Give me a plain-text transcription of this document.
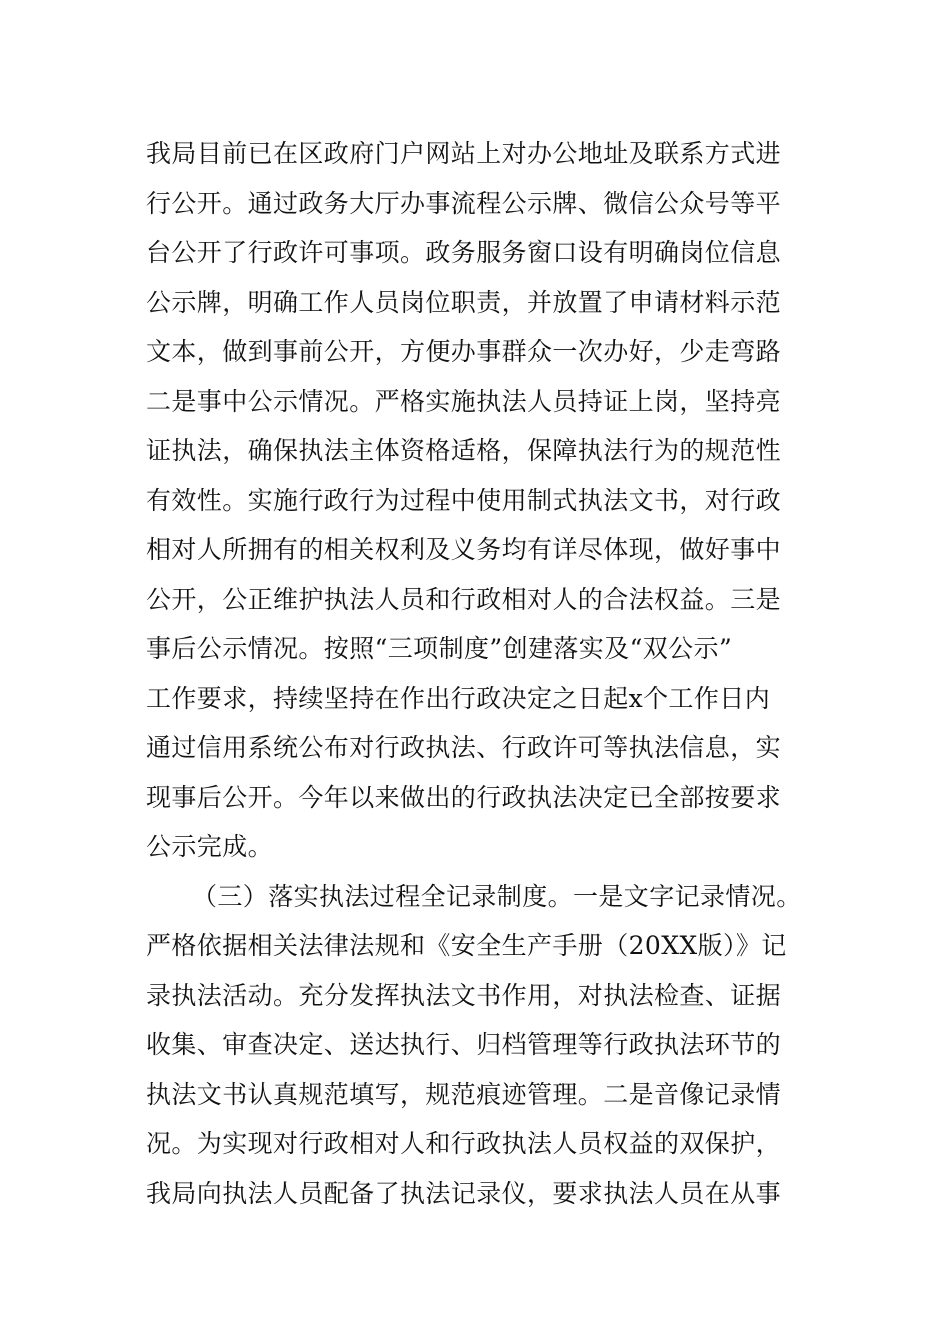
我局目前已在区政府门户网站上对办公地址及联系方式进
行公开。通过政务大厅办事流程公示牌、微信公众号等平
台公开了行政许可事项。政务服务窗口设有明确岗位信息
公示牌，明确工作人员岗位职责，并放置了申请材料示范
文本，做到事前公开，方便办事群众一次办好，少走弯路
二是事中公示情况。严格实施执法人员持证上岗，坚持亮
证执法，确保执法主体资格适格，保障执法行为的规范性
有效性。实施行政行为过程中使用制式执法文书，对行政
相对人所拥有的相关权利及义务均有详尽体现，做好事中
公开，公正维护执法人员和行政相对人的合法权益。三是
事后公示情况。按照“三项制度”创建落实及“双公示”
工作要求，持续坚持在作出行政决定之日起x个工作日内
通过信用系统公布对行政执法、行政许可等执法信息，实
现事后公开。今年以来做出的行政执法决定已全部按要求
公示完成。
（三）落实执法过程全记录制度。一是文字记录情况。
严格依据相关法律法规和《安全生产手册（20XX版）》记
录执法活动。充分发挥执法文书作用，对执法检查、证据
收集、审查决定、送达执行、归档管理等行政执法环节的
执法文书认真规范填写，规范痕迹管理。二是音像记录情
况。为实现对行政相对人和行政执法人员权益的双保护，
我局向执法人员配备了执法记录仪，要求执法人员在从事
